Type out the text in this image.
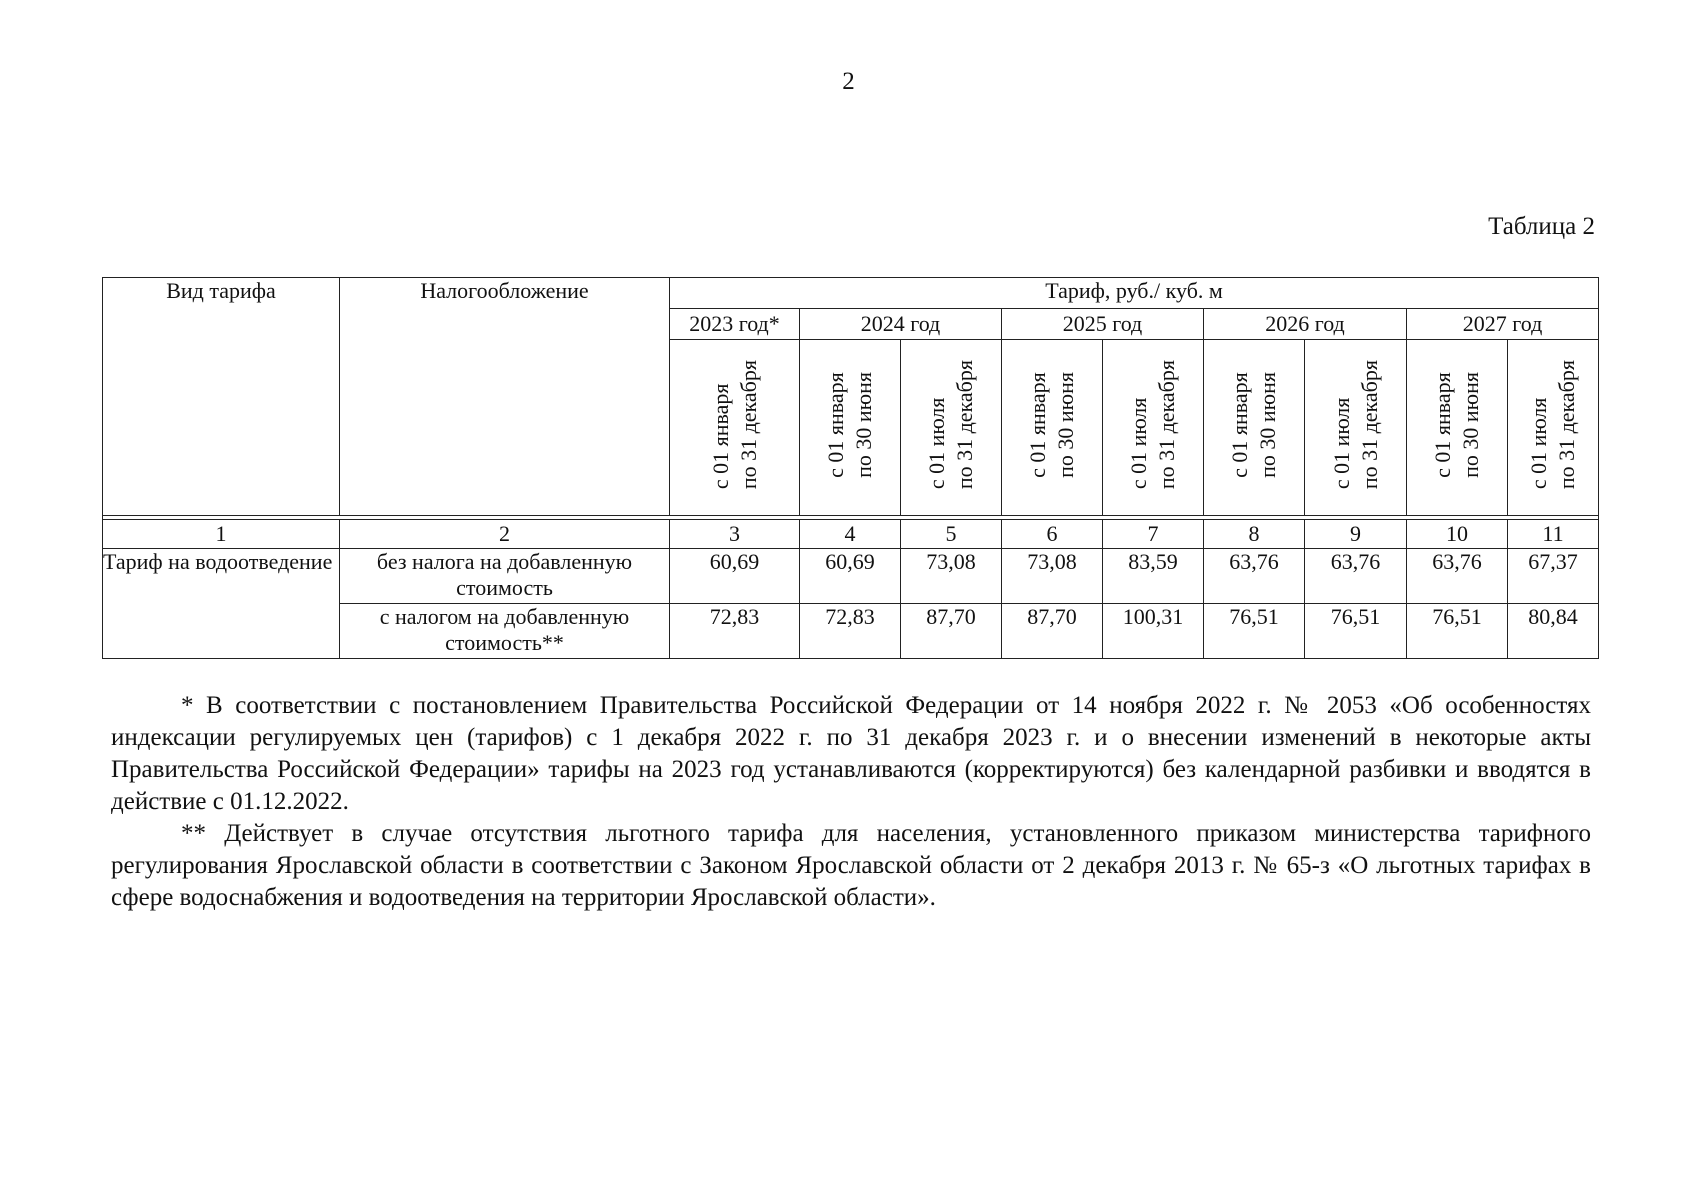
2
Таблица 2
Вид тарифа	Налогообложение	Тариф, руб./ куб. м								
		2023 год*	2024 год		2025 год		2026 год		2027 год	
		с 01 января по 31 декабря	с 01 января по 30 июня	с 01 июля по 31 декабря	с 01 января по 30 июня	с 01 июля по 31 декабря	с 01 января по 30 июня	с 01 июля по 31 декабря	с 01 января по 30 июня	с 01 июля по 31 декабря

1	2	3	4	5	6	7	8	9	10	11
Тариф на водоотведение	без налога на добавленную стоимость	60,69	60,69	73,08	73,08	83,59	63,76	63,76	63,76	67,37
	с налогом на добавленную стоимость**	72,83	72,83	87,70	87,70	100,31	76,51	76,51	76,51	80,84

* В соответствии с постановлением Правительства Российской Федерации от 14 ноября 2022 г. № 2053 «Об особенностях индексации регулируемых цен (тарифов) с 1 декабря 2022 г. по 31 декабря 2023 г. и о внесении изменений в некоторые акты Правительства Российской Федерации» тарифы на 2023 год устанавливаются (корректируются) без календарной разбивки и вводятся в действие с 01.12.2022.

** Действует в случае отсутствия льготного тарифа для населения, установленного приказом министерства тарифного регулирования Ярославской области в соответствии с Законом Ярославской области от 2 декабря 2013 г. № 65-з «О льготных тарифах в сфере водоснабжения и водоотведения на территории Ярославской области».
